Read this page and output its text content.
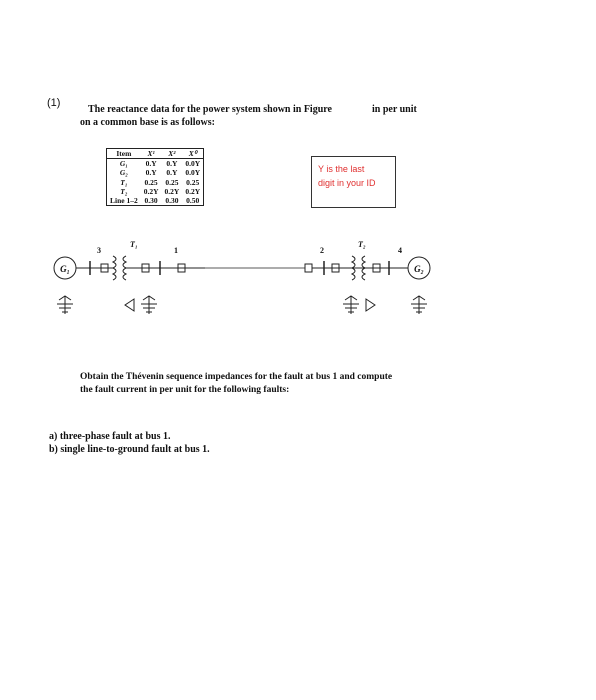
(1)
The reactance data for the power system shown in Figure	in per unit
on a common base is as follows:
Item	X¹	X²	X⁰
G₁	0.Y	0.Y	0.0Y
G₂	0.Y	0.Y	0.0Y
T₁	0.25	0.25	0.25
T₂	0.2Y	0.2Y	0.2Y
Line 1–2	0.30	0.30	0.50
Y is the last
digit in your ID
G₁
3
T₁
1	2
T₂
4
G₂
Obtain the Thévenin sequence impedances for the fault at bus 1 and compute
the fault current in per unit for the following faults:
a) three-phase fault at bus 1.
b) single line-to-ground fault at bus 1.
